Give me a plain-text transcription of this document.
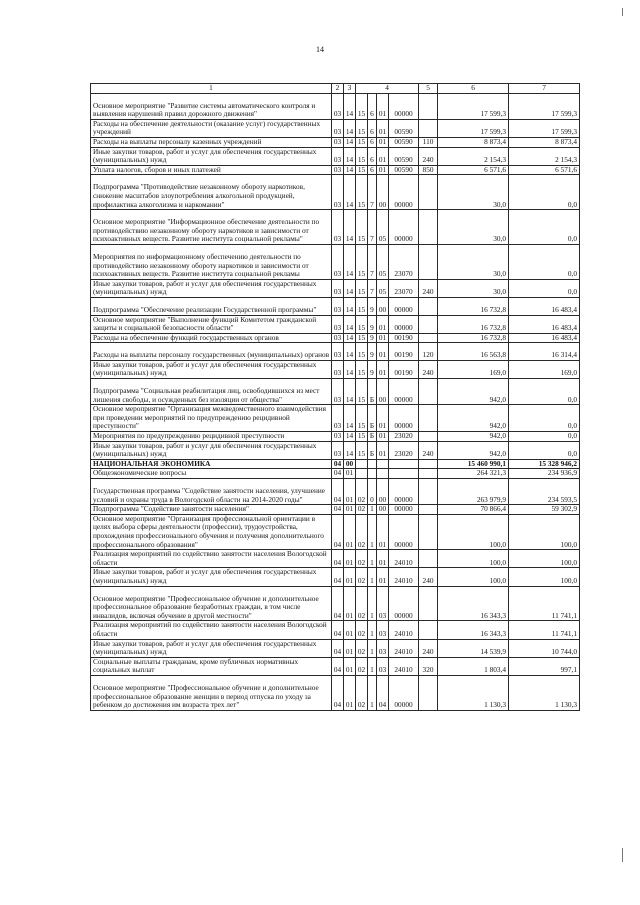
14
1	2	3	4				5	6	7
Основное мероприятие "Развитие системы автоматического контроля и выявления нарушений правил дорожного движения"	03	14	15	6	01	00000		17 599,3	17 599,3
Расходы на обеспечение деятельности (оказание услуг) государственных учреждений	03	14	15	6	01	00590		17 599,3	17 599,3
Расходы на выплаты персоналу казенных учреждений	03	14	15	6	01	00590	110	8 873,4	8 873,4
Иные закупки товаров, работ и услуг для обеспечения государственных (муниципальных) нужд	03	14	15	6	01	00590	240	2 154,3	2 154,3
Уплата налогов, сборов и иных платежей	03	14	15	6	01	00590	850	6 571,6	6 571,6
Подпрограмма "Противодействие незаконному обороту наркотиков, снижение масштабов злоупотребления алкогольной продукцией, профилактика алкоголизма и наркомании"	03	14	15	7	00	00000		30,0	0,0
Основное мероприятие "Информационное обеспечение деятельности по противодействию незаконному обороту наркотиков и зависимости от психоактивных веществ. Развитие института социальной рекламы"	03	14	15	7	05	00000		30,0	0,0
Мероприятия по информационному обеспечению деятельности по противодействию незаконному обороту наркотиков и зависимости от психоактивных веществ. Развитие института социальной рекламы	03	14	15	7	05	23070		30,0	0,0
Иные закупки товаров, работ и услуг для обеспечения государственных (муниципальных) нужд	03	14	15	7	05	23070	240	30,0	0,0
Подпрограмма "Обеспечение реализации Государственной программы"	03	14	15	9	00	00000		16 732,8	16 483,4
Основное мероприятие "Выполнение функций Комитетом гражданской защиты и социальной безопасности области"	03	14	15	9	01	00000		16 732,8	16 483,4
Расходы на обеспечение функций государственных органов	03	14	15	9	01	00190		16 732,8	16 483,4
Расходы на выплаты персоналу государственных (муниципальных) органов	03	14	15	9	01	00190	120	16 563,8	16 314,4
Иные закупки товаров, работ и услуг для обеспечения государственных (муниципальных) нужд	03	14	15	9	01	00190	240	169,0	169,0
Подпрограмма "Социальная реабилитация лиц, освободившихся из мест лишения свободы, и осужденных без изоляции от общества"	03	14	15	Б	00	00000		942,0	0,0
Основное мероприятие "Организация межведомственного взаимодействия при проведении мероприятий по предупреждению рецидивной преступности"	03	14	15	Б	01	00000		942,0	0,0
Мероприятия по предупреждению рецидивной преступности	03	14	15	Б	01	23020		942,0	0,0
Иные закупки товаров, работ и услуг для обеспечения государственных (муниципальных) нужд	03	14	15	Б	01	23020	240	942,0	0,0
НАЦИОНАЛЬНАЯ ЭКОНОМИКА	04	00						15 460 990,1	15 328 946,2
Общеэкономические вопросы	04	01						264 321,3	234 936,9
Государственная программа "Содействие занятости населения, улучшение условий и охраны труда в Вологодской области на 2014-2020 годы"	04	01	02	0	00	00000		263 979,9	234 593,5
Подпрограмма "Содействие занятости населения"	04	01	02	1	00	00000		70 866,4	59 302,9
Основное мероприятие "Организация профессиональной ориентации в целях выбора сферы деятельности (профессии), трудоустройства, прохождения профессионального обучения и получения дополнительного профессионального образования"	04	01	02	1	01	00000		100,0	100,0
Реализация мероприятий по содействию занятости населения Вологодской области	04	01	02	1	01	24010		100,0	100,0
Иные закупки товаров, работ и услуг для обеспечения государственных (муниципальных) нужд	04	01	02	1	01	24010	240	100,0	100,0
Основное мероприятие "Профессиональное обучение и дополнительное профессиональное образование безработных граждан, в том числе инвалидов, включая обучение в другой местности"	04	01	02	1	03	00000		16 343,3	11 741,1
Реализация мероприятий по содействию занятости населения Вологодской области	04	01	02	1	03	24010		16 343,3	11 741,1
Иные закупки товаров, работ и услуг для обеспечения государственных (муниципальных) нужд	04	01	02	1	03	24010	240	14 539,9	10 744,0
Социальные выплаты гражданам, кроме публичных нормативных социальных выплат	04	01	02	1	03	24010	320	1 803,4	997,1
Основное мероприятие "Профессиональное обучение и дополнительное профессиональное образование женщин в период отпуска по уходу за ребенком до достижения им возраста трех лет"	04	01	02	1	04	00000		1 130,3	1 130,3
